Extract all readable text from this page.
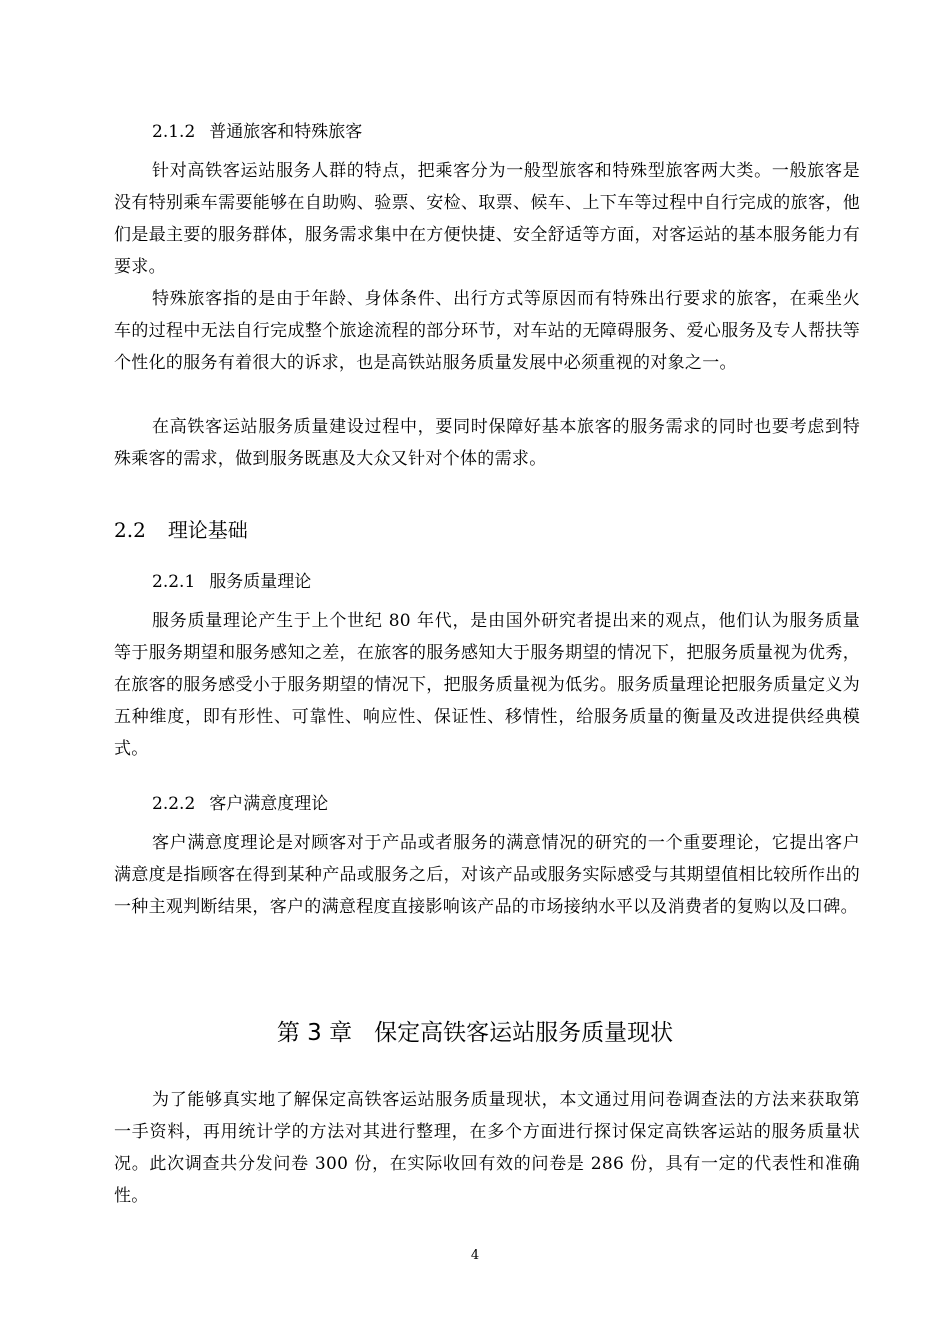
2.1.2 普通旅客和特殊旅客

针对高铁客运站服务人群的特点，把乘客分为一般型旅客和特殊型旅客两大类。一般旅客是没有特别乘车需要能够在自助购、验票、安检、取票、候车、上下车等过程中自行完成的旅客，他们是最主要的服务群体，服务需求集中在方便快捷、安全舒适等方面，对客运站的基本服务能力有要求。

特殊旅客指的是由于年龄、身体条件、出行方式等原因而有特殊出行要求的旅客，在乘坐火车的过程中无法自行完成整个旅途流程的部分环节，对车站的无障碍服务、爱心服务及专人帮扶等个性化的服务有着很大的诉求，也是高铁站服务质量发展中必须重视的对象之一。

在高铁客运站服务质量建设过程中，要同时保障好基本旅客的服务需求的同时也要考虑到特殊乘客的需求，做到服务既惠及大众又针对个体的需求。

2.2 理论基础
2.2.1 服务质量理论

服务质量理论产生于上个世纪 80 年代，是由国外研究者提出来的观点，他们认为服务质量等于服务期望和服务感知之差，在旅客的服务感知大于服务期望的情况下，把服务质量视为优秀，在旅客的服务感受小于服务期望的情况下，把服务质量视为低劣。服务质量理论把服务质量定义为五种维度，即有形性、可靠性、响应性、保证性、移情性，给服务质量的衡量及改进提供经典模式。

2.2.2 客户满意度理论

客户满意度理论是对顾客对于产品或者服务的满意情况的研究的一个重要理论，它提出客户满意度是指顾客在得到某种产品或服务之后，对该产品或服务实际感受与其期望值相比较所作出的一种主观判断结果，客户的满意程度直接影响该产品的市场接纳水平以及消费者的复购以及口碑。

第 3 章 保定高铁客运站服务质量现状

为了能够真实地了解保定高铁客运站服务质量现状，本文通过用问卷调查法的方法来获取第一手资料，再用统计学的方法对其进行整理，在多个方面进行探讨保定高铁客运站的服务质量状况。此次调查共分发问卷 300 份，在实际收回有效的问卷是 286 份，具有一定的代表性和准确性。

4
